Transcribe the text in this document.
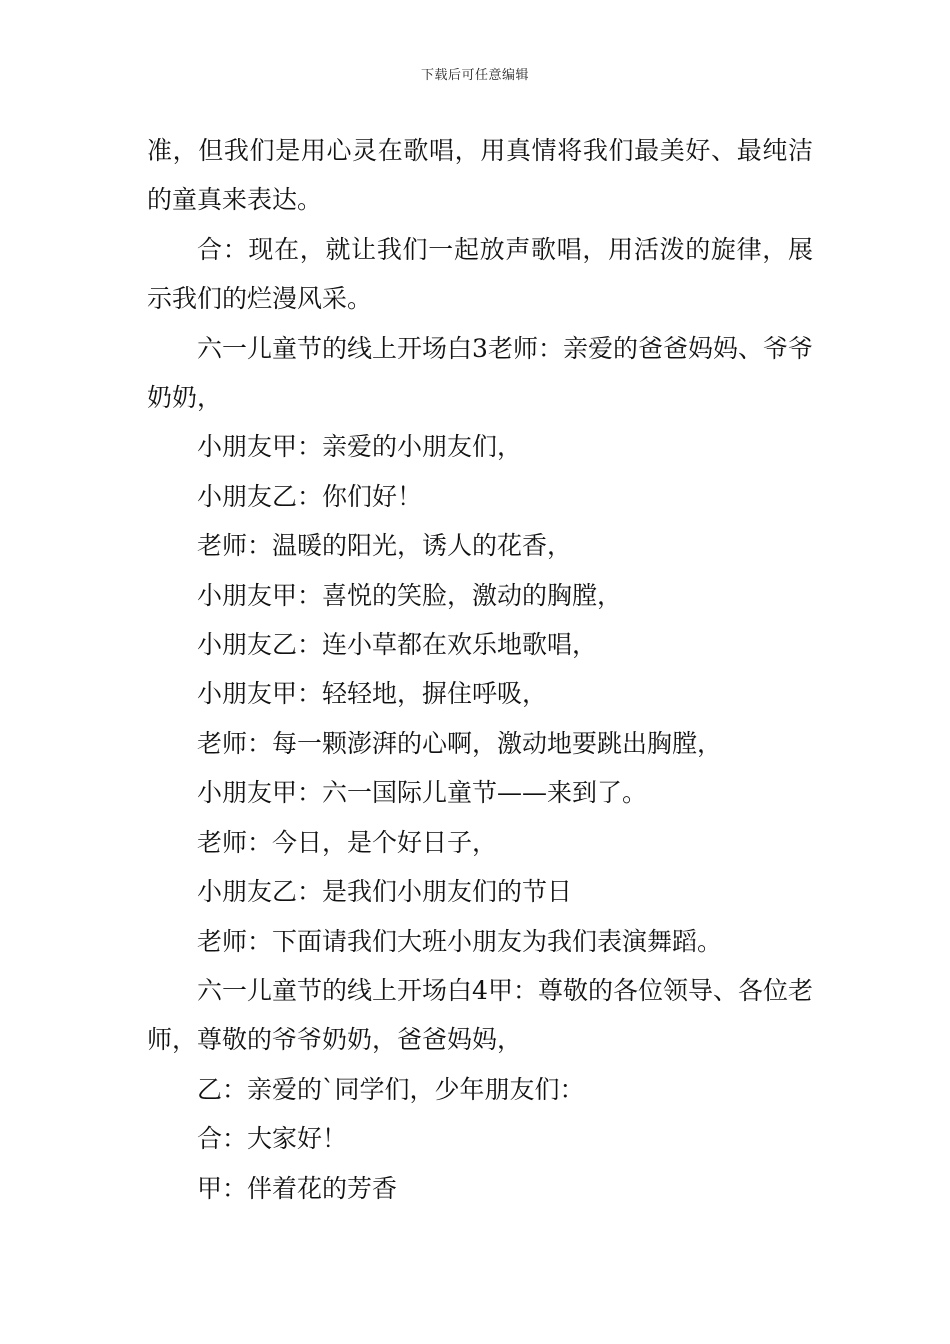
下载后可任意编辑

准，但我们是用心灵在歌唱，用真情将我们最美好、最纯洁的童真来表达。

合：现在，就让我们一起放声歌唱，用活泼的旋律，展示我们的烂漫风采。

六一儿童节的线上开场白3老师：亲爱的爸爸妈妈、爷爷奶奶，

小朋友甲：亲爱的小朋友们，

小朋友乙：你们好！

老师：温暖的阳光，诱人的花香，

小朋友甲：喜悦的笑脸，激动的胸膛，

小朋友乙：连小草都在欢乐地歌唱，

小朋友甲：轻轻地，摒住呼吸，

老师：每一颗澎湃的心啊，激动地要跳出胸膛，

小朋友甲：六一国际儿童节——来到了。

老师：今日，是个好日子，

小朋友乙：是我们小朋友们的节日

老师：下面请我们大班小朋友为我们表演舞蹈。

六一儿童节的线上开场白4甲：尊敬的各位领导、各位老师，尊敬的爷爷奶奶，爸爸妈妈，

乙：亲爱的`同学们，少年朋友们：

合：大家好！

甲：伴着花的芳香
